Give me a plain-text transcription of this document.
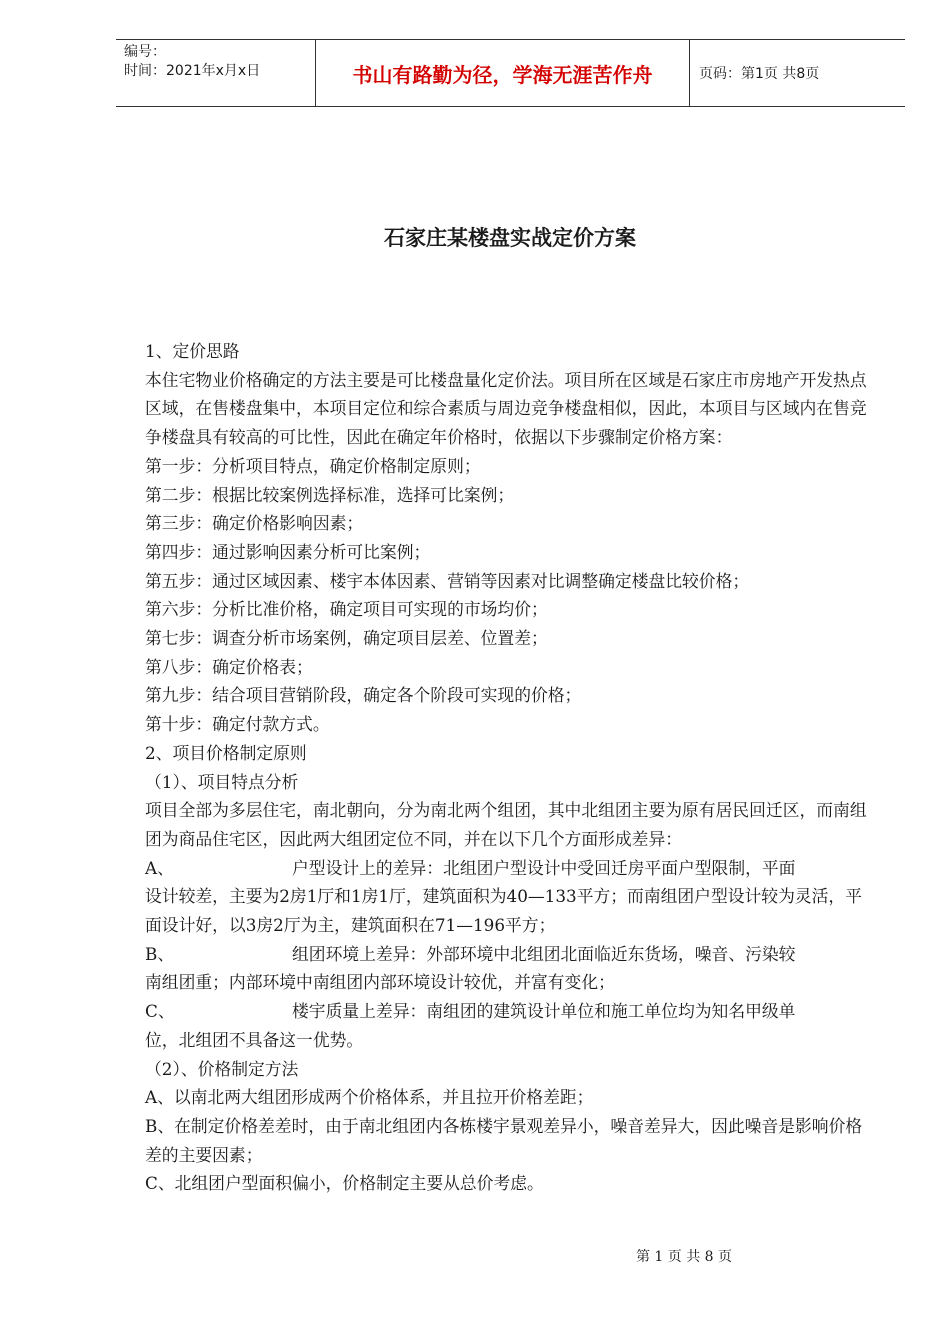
编号：
时间：2021年x月x日	书山有路勤为径，学海无涯苦作舟	页码：第1页 共8页
石家庄某楼盘实战定价方案

1、定价思路

本住宅物业价格确定的方法主要是可比楼盘量化定价法。项目所在区域是石家庄市房地产开发热点区域，在售楼盘集中，本项目定位和综合素质与周边竞争楼盘相似，因此，本项目与区域内在售竞争楼盘具有较高的可比性，因此在确定年价格时，依据以下步骤制定价格方案：

第一步：分析项目特点，确定价格制定原则；

第二步：根据比较案例选择标准，选择可比案例；

第三步：确定价格影响因素；

第四步：通过影响因素分析可比案例；

第五步：通过区域因素、楼宇本体因素、营销等因素对比调整确定楼盘比较价格；

第六步：分析比准价格，确定项目可实现的市场均价；

第七步：调查分析市场案例，确定项目层差、位置差；

第八步：确定价格表；

第九步：结合项目营销阶段，确定各个阶段可实现的价格；

第十步：确定付款方式。

2、项目价格制定原则

（1）、项目特点分析

项目全部为多层住宅，南北朝向，分为南北两个组团，其中北组团主要为原有居民回迁区，而南组团为商品住宅区，因此两大组团定位不同，并在以下几个方面形成差异：

A、	户型设计上的差异：北组团户型设计中受回迁房平面户型限制，平面

设计较差，主要为2房1厅和1房1厅，建筑面积为40—133平方；而南组团户型设计较为灵活，平面设计好，以3房2厅为主，建筑面积在71—196平方；

B、	组团环境上差异：外部环境中北组团北面临近东货场，噪音、污染较

南组团重；内部环境中南组团内部环境设计较优，并富有变化；

C、	楼宇质量上差异：南组团的建筑设计单位和施工单位均为知名甲级单

位，北组团不具备这一优势。

（2）、价格制定方法

A、以南北两大组团形成两个价格体系，并且拉开价格差距；

B、在制定价格差差时，由于南北组团内各栋楼宇景观差异小，噪音差异大，因此噪音是影响价格差的主要因素；

C、北组团户型面积偏小，价格制定主要从总价考虑。

第 1 页 共 8 页
